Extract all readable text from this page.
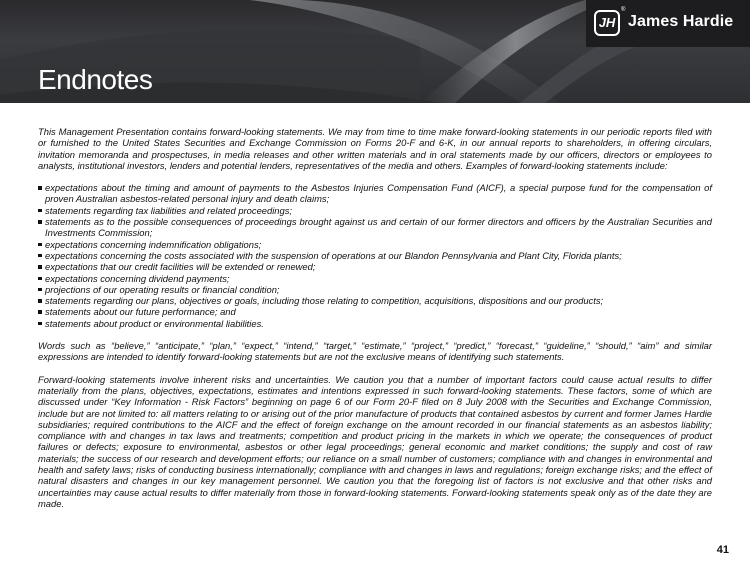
Endnotes
JH
®
James Hardie

This Management Presentation contains forward-looking statements. We may from time to time make forward-looking statements in our periodic reports filed with or furnished to the United States Securities and Exchange Commission on Forms 20-F and 6-K, in our annual reports to shareholders, in offering circulars, invitation memoranda and prospectuses, in media releases and other written materials and in oral statements made by our officers, directors or employees to analysts, institutional investors, lenders and potential lenders, representatives of the media and others. Examples of forward-looking statements include:

expectations about the timing and amount of payments to the Asbestos Injuries Compensation Fund (AICF), a special purpose fund for the compensation of proven Australian asbestos-related personal injury and death claims;
statements regarding tax liabilities and related proceedings;
statements as to the possible consequences of proceedings brought against us and certain of our former directors and officers by the Australian Securities and Investments Commission;
expectations concerning indemnification obligations;
expectations concerning the costs associated with the suspension of operations at our Blandon Pennsylvania and Plant City, Florida plants;
expectations that our credit facilities will be extended or renewed;
expectations concerning dividend payments;
projections of our operating results or financial condition;
statements regarding our plans, objectives or goals, including those relating to competition, acquisitions, dispositions and our products;
statements about our future performance; and
statements about product or environmental liabilities.

Words such as “believe,” “anticipate,” “plan,” “expect,” “intend,” “target,” “estimate,” “project,” “predict,” “forecast,” “guideline,” “should,” “aim” and similar expressions are intended to identify forward-looking statements but are not the exclusive means of identifying such statements.

Forward-looking statements involve inherent risks and uncertainties. We caution you that a number of important factors could cause actual results to differ materially from the plans, objectives, expectations, estimates and intentions expressed in such forward-looking statements. These factors, some of which are discussed under “Key Information - Risk Factors” beginning on page 6 of our Form 20-F filed on 8 July 2008 with the Securities and Exchange Commission, include but are not limited to: all matters relating to or arising out of the prior manufacture of products that contained asbestos by current and former James Hardie subsidiaries; required contributions to the AICF and the effect of foreign exchange on the amount recorded in our financial statements as an asbestos liability; compliance with and changes in tax laws and treatments; competition and product pricing in the markets in which we operate; the consequences of product failures or defects; exposure to environmental, asbestos or other legal proceedings; general economic and market conditions; the supply and cost of raw materials; the success of our research and development efforts; our reliance on a small number of customers; compliance with and changes in environmental and health and safety laws; risks of conducting business internationally; compliance with and changes in laws and regulations; foreign exchange risks; and the effect of natural disasters and changes in our key management personnel. We caution you that the foregoing list of factors is not exclusive and that other risks and uncertainties may cause actual results to differ materially from those in forward-looking statements. Forward-looking statements speak only as of the date they are made.

41
